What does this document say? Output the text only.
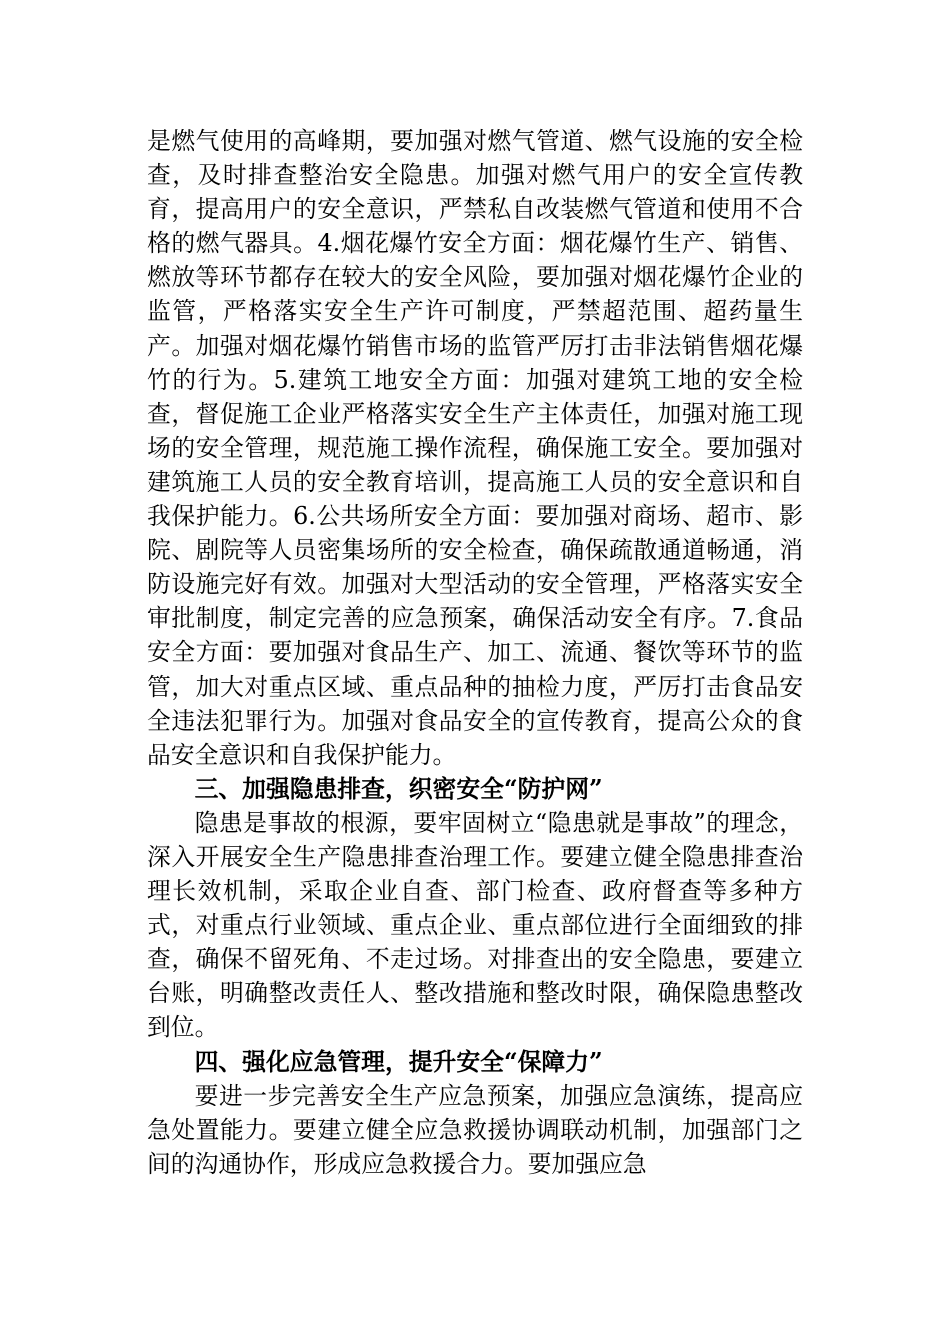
是燃气使用的高峰期，要加强对燃气管道、燃气设施的安全检查，及时排查整治安全隐患。加强对燃气用户的安全宣传教育，提高用户的安全意识，严禁私自改装燃气管道和使用不合格的燃气器具。4.烟花爆竹安全方面：烟花爆竹生产、销售、燃放等环节都存在较大的安全风险，要加强对烟花爆竹企业的监管，严格落实安全生产许可制度，严禁超范围、超药量生产。加强对烟花爆竹销售市场的监管严厉打击非法销售烟花爆竹的行为。5.建筑工地安全方面：加强对建筑工地的安全检查，督促施工企业严格落实安全生产主体责任，加强对施工现场的安全管理，规范施工操作流程，确保施工安全。要加强对建筑施工人员的安全教育培训，提高施工人员的安全意识和自我保护能力。6.公共场所安全方面：要加强对商场、超市、影院、剧院等人员密集场所的安全检查，确保疏散通道畅通，消防设施完好有效。加强对大型活动的安全管理，严格落实安全审批制度，制定完善的应急预案，确保活动安全有序。7.食品安全方面：要加强对食品生产、加工、流通、餐饮等环节的监管，加大对重点区域、重点品种的抽检力度，严厉打击食品安全违法犯罪行为。加强对食品安全的宣传教育，提高公众的食品安全意识和自我保护能力。

三、加强隐患排查，织密安全“防护网”

隐患是事故的根源，要牢固树立“隐患就是事故”的理念，深入开展安全生产隐患排查治理工作。要建立健全隐患排查治理长效机制，采取企业自查、部门检查、政府督查等多种方式，对重点行业领域、重点企业、重点部位进行全面细致的排查，确保不留死角、不走过场。对排查出的安全隐患，要建立台账，明确整改责任人、整改措施和整改时限，确保隐患整改到位。

四、强化应急管理，提升安全“保障力”

要进一步完善安全生产应急预案，加强应急演练，提高应急处置能力。要建立健全应急救援协调联动机制，加强部门之间的沟通协作，形成应急救援合力。要加强应急
